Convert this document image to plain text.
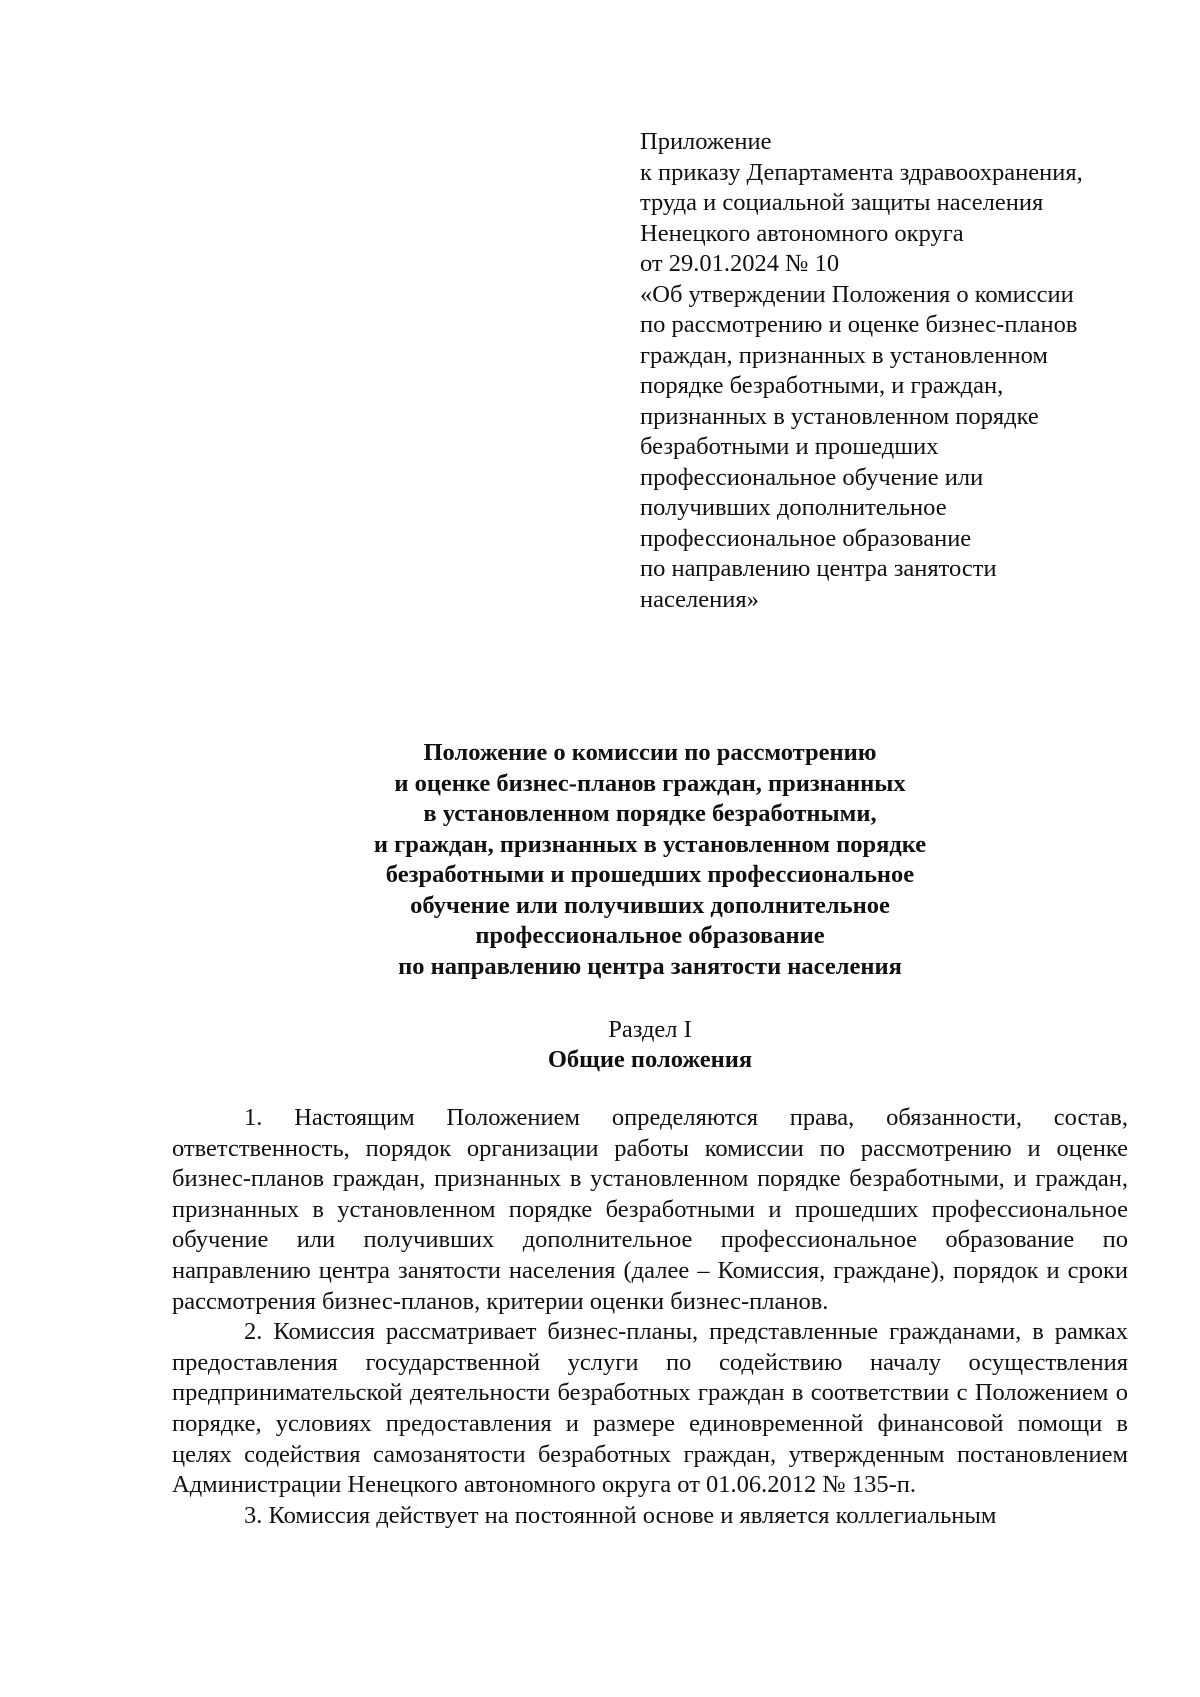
Приложение
к приказу Департамента здравоохранения,
труда и социальной защиты населения
Ненецкого автономного округа
от 29.01.2024 № 10
«Об утверждении Положения о комиссии
по рассмотрению и оценке бизнес-планов
граждан, признанных в установленном
порядке безработными, и граждан,
признанных в установленном порядке
безработными и прошедших
профессиональное обучение или
получивших дополнительное
профессиональное образование
по направлению центра занятости
населения»
Положение о комиссии по рассмотрению
и оценке бизнес-планов граждан, признанных
в установленном порядке безработными,
и граждан, признанных в установленном порядке
безработными и прошедших профессиональное
обучение или получивших дополнительное
профессиональное образование
по направлению центра занятости населения
Раздел I
Общие положения

1. Настоящим Положением определяются права, обязанности, состав, ответственность, порядок организации работы комиссии по рассмотрению и оценке бизнес-планов граждан, признанных в установленном порядке безработными, и граждан, признанных в установленном порядке безработными и прошедших профессиональное обучение или получивших дополнительное профессиональное образование по направлению центра занятости населения (далее – Комиссия, граждане), порядок и сроки рассмотрения бизнес-планов, критерии оценки бизнес-планов.

2. Комиссия рассматривает бизнес-планы, представленные гражданами, в рамках предоставления государственной услуги по содействию началу осуществления предпринимательской деятельности безработных граждан в соответствии с Положением о порядке, условиях предоставления и размере единовременной финансовой помощи в целях содействия самозанятости безработных граждан, утвержденным постановлением Администрации Ненецкого автономного округа от 01.06.2012 № 135-п.

3. Комиссия действует на постоянной основе и является коллегиальным
